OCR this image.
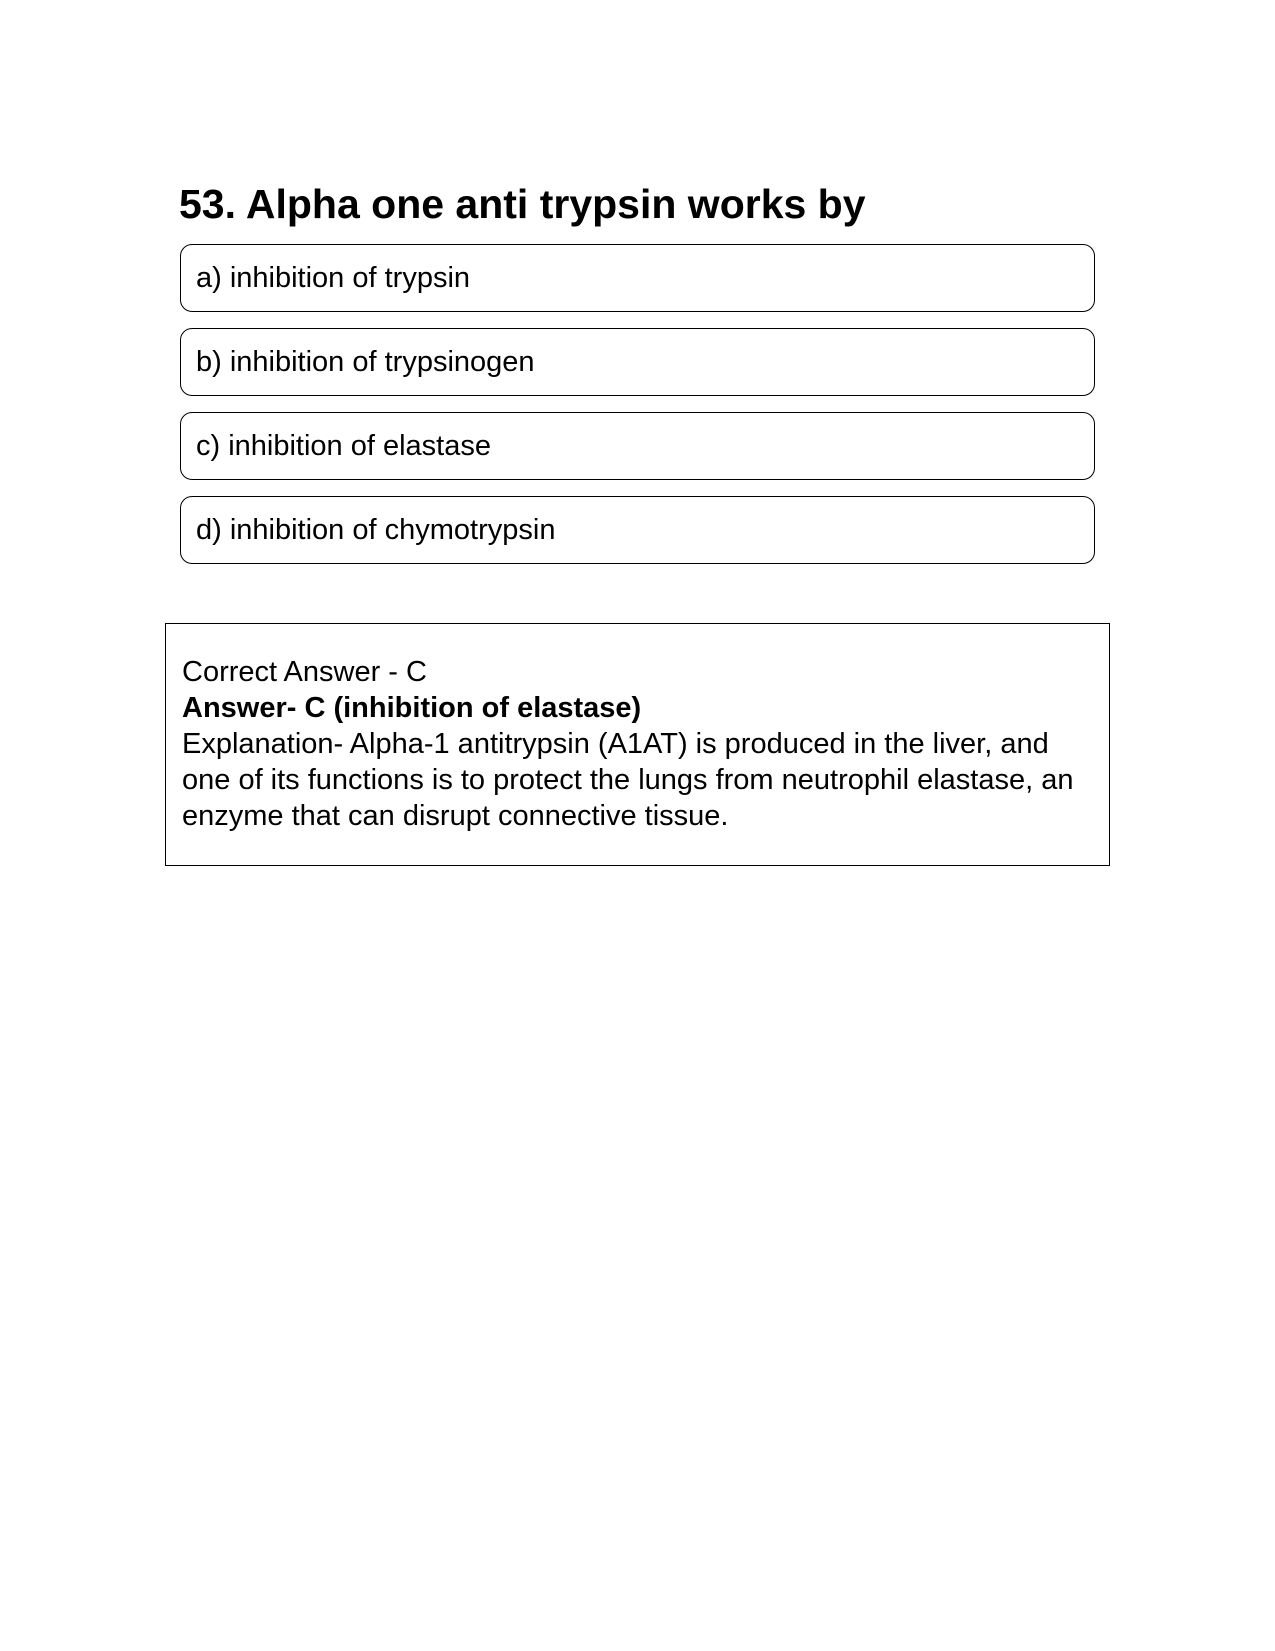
53. Alpha one anti trypsin works by
a) inhibition of trypsin
b) inhibition of trypsinogen
c) inhibition of elastase
d) inhibition of chymotrypsin
Correct Answer - C
Answer- C (inhibition of elastase)
Explanation- Alpha-1 antitrypsin (A1AT) is produced in the liver, and one of its functions is to protect the lungs from neutrophil elastase, an enzyme that can disrupt connective tissue.
